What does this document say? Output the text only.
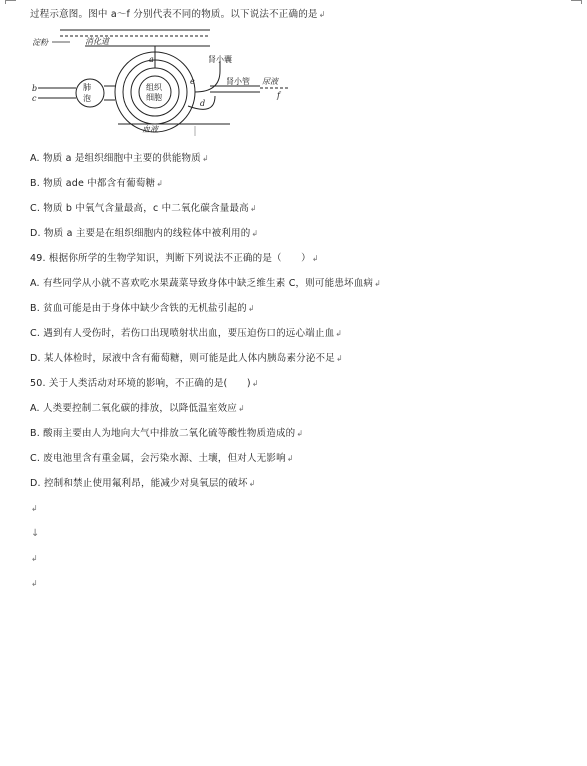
过程示意图。图中 a～f 分别代表不同的物质。以下说法不正确的是↲
淀粉	消化道
a
组织
细胞
肺
泡
b
c
肾小囊
肾小管 尿液
f
d
e
血液
A. 物质 a 是组织细胞中主要的供能物质↲
B. 物质 ade 中都含有葡萄糖↲
C. 物质 b 中氧气含量最高，c 中二氧化碳含量最高↲
D. 物质 a 主要是在组织细胞内的线粒体中被利用的↲
49. 根据你所学的生物学知识，判断下列说法不正确的是（　　）↲
A. 有些同学从小就不喜欢吃水果蔬菜导致身体中缺乏维生素 C，则可能患坏血病↲
B. 贫血可能是由于身体中缺少含铁的无机盐引起的↲
C. 遇到有人受伤时，若伤口出现喷射状出血，要压迫伤口的远心端止血↲
D. 某人体检时，尿液中含有葡萄糖，则可能是此人体内胰岛素分泌不足↲
50. 关于人类活动对环境的影响，不正确的是(　　)↲
A. 人类要控制二氧化碳的排放，以降低温室效应↲
B. 酸雨主要由人为地向大气中排放二氧化硫等酸性物质造成的↲
C. 废电池里含有重金属，会污染水源、土壤，但对人无影响↲
D. 控制和禁止使用氟利昂，能减少对臭氧层的破坏↲
↲
↓
↲
↲
